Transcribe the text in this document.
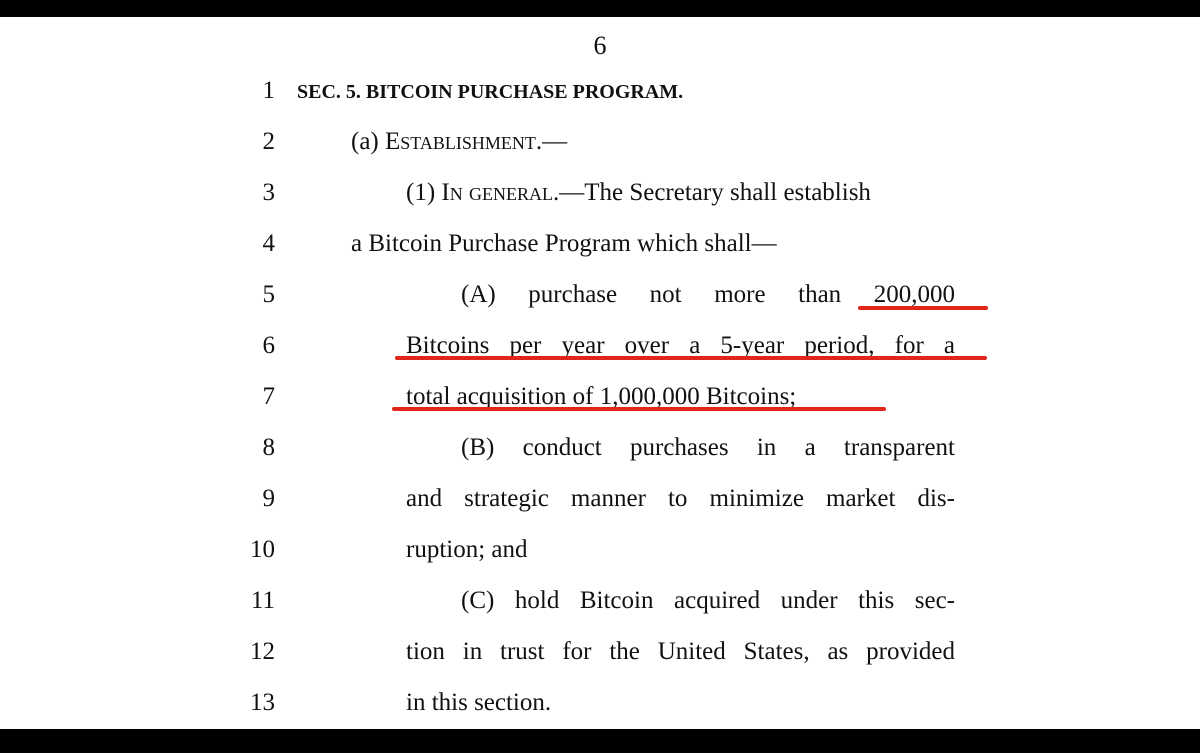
6
1 SEC. 5. BITCOIN PURCHASE PROGRAM.
2	(a) Establishment.—
3	(1) In general.—The Secretary shall establish
4	a Bitcoin Purchase Program which shall—
5	(A) purchase not more than 200,000
6	Bitcoins per year over a 5-year period, for a
7	total acquisition of 1,000,000 Bitcoins;
8	(B) conduct purchases in a transparent
9	and strategic manner to minimize market dis-
10	ruption; and
11	(C) hold Bitcoin acquired under this sec-
12	tion in trust for the United States, as provided
13	in this section.
